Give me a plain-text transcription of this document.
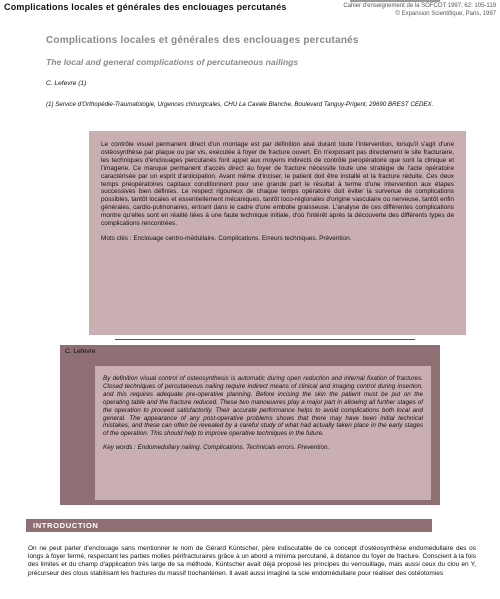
Complications locales et générales des enclouages percutanés	Cahier d'enseignement de la SOFCOT 1997; 62: 105-119
© Expansion Scientifique, Paris, 1997
Complications locales et générales des enclouages percutanés
The local and general complications of percutaneous nailings
C. Lefevre (1)
(1) Service d'Orthopédie-Traumatologie, Urgences chirurgicales, CHU La Cavale Blanche, Boulevard Tanguy-Prigent, 29690 BREST CEDEX.
Le contrôle visuel permanent direct d'un montage est par définition aisé durant toute l'intervention, lorsqu'il s'agit d'une ostéosynthèse par plaque ou par vis, exécutée à foyer de fracture ouvert. En n'exposant pas directement le site fracturaire, les techniques d'enclouages percutanés font appel aux moyens indirects de contrôle peropératoire que sont la clinique et l'imagerie. Ce manque permanent d'accès direct au foyer de fracture nécessite toute une stratégie de l'acte opératoire caractérisée par un esprit d'anticipation. Avant même d'inciser, le patient doit être installé et la fracture réduite. Ces deux temps préopératoires capitaux conditionnent pour une grande part le résultat à terme d'une intervention aux étapes successives bien définies. Le respect rigoureux de chaque temps opératoire doit éviter la survenue de complications possibles, tantôt locales et essentiellement mécaniques, tantôt loco-régionales d'origine vasculaire ou nerveuse, tantôt enfin générales, cardio-pulmonaires, entrant dans le cadre d'une embolie graisseuse. L'analyse de ces différentes complications montre qu'elles sont en réalité liées à une faute technique initiale, d'où l'intérêt après la découverte des différents types de complications rencontrées.
Mots clés : Enclouage centro-médullaire. Complications. Erreurs techniques. Prévention.
C. Lefevre
By definition visual control of osteosynthesis is automatic during open reduction and internal fixation of fractures. Closed techniques of percutaneous nailing require indirect means of clinical and imaging control during insertion, and this requires adequate pre-operative planning. Before incising the skin the patient must be put on the operating table and the fracture reduced. These two manoeuvres play a major part in allowing all further stages of the operation to proceed satisfactorily. Their accurate performance helps to avoid complications both local and general. The appearance of any post-operative problems shows that there may have been initial technical mistakes, and these can often be revealed by a careful study of what had actually taken place in the early stages of the operation. This should help to improve operative techniques in the future.
Key words : Endomedullary nailing. Complications. Technicals errors. Prevention.
INTRODUCTION
On ne peut parler d'enclouage sans mentionner le nom de Gérard Küntscher, père indiscutable de ce concept d'ostéosynthèse endomédullaire des os longs à foyer fermé, respectant les parties molles périfracturaires grâce à un abord a minima percutané, à distance du foyer de fracture. Conscient à la fois des limites et du champ d'application très large de sa méthode, Küntscher avait déjà proposé les principes du verrouillage, mais aussi ceux du clou en Y, précurseur des clous stabilisant les fractures du massif trochantérien. Il avait aussi imaginé la scie endomédullaire pour réaliser des ostéotomies
